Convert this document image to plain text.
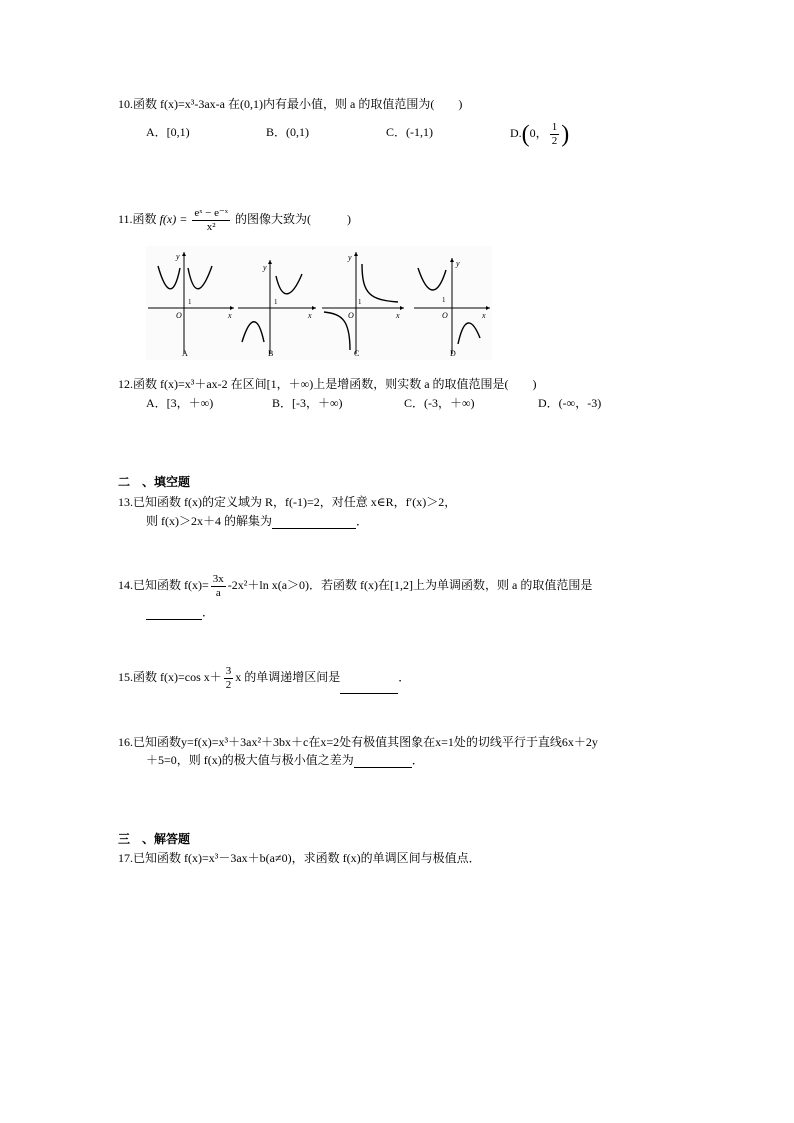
10.函数 f(x)=x³-3ax-a 在(0,1)内有最小值，则 a 的取值范围为(　　)
A．[0,1)	B．(0,1)	C．(-1,1)	D.(0， $\frac{1}{2}$ )
11.函数 $f(x) = \frac{\text{eˣ − e⁻ˣ}}{\text{x²}}$ 的图像大致为(　　　)
y
x
O
1
A
y
x
1
B
y
x
O
1
C
y
x
O
1
D
12.函数 f(x)=x³＋ax-2 在区间[1，＋∞)上是增函数，则实数 a 的取值范围是(　　)
A．[3，＋∞)	B．[-3，＋∞)	C．(-3，＋∞)	D．(-∞，-3)
二　、填空题
13.已知函数 f(x)的定义域为 R，f(-1)=2，对任意 x∈R，f′(x)＞2，
则 f(x)＞2x＋4 的解集为	．
14.已知函数 $f(x)= \frac{3x}{a} -2x^2+\ln$ x(a＞0)．若函数 f(x)在[1,2]上为单调函数，则 a 的取值范围是
．
15.函数 f(x)=cos $x+ \frac{3}{2}$ x 的单调递增区间是	．
16.已知函数y=f(x)=x³＋3ax²＋3bx＋c在x=2处有极值其图象在x=1处的切线平行于直线6x＋2y
＋5=0，则 f(x)的极大值与极小值之差为	．
三　、解答题
17.已知函数 f(x)=x³－3ax＋b(a≠0)，求函数 f(x)的单调区间与极值点．
